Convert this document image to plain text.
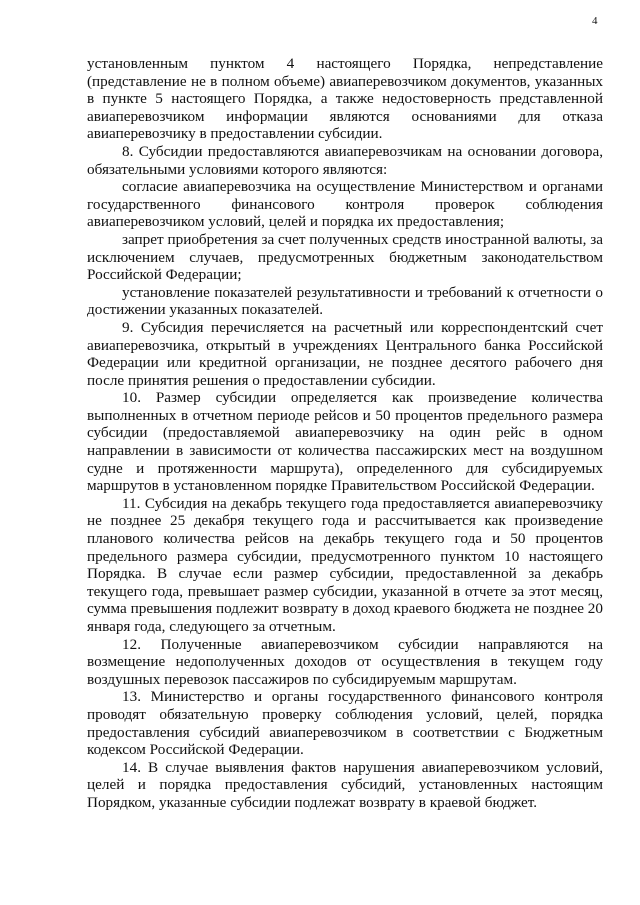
4

установленным пунктом 4 настоящего Порядка, непредставление (представление не в полном объеме) авиаперевозчиком документов, указанных в пункте 5 настоящего Порядка, а также недостоверность представленной авиаперевозчиком информации являются основаниями для отказа авиаперевозчику в предоставлении субсидии.

8. Субсидии предоставляются авиаперевозчикам на основании договора, обязательными условиями которого являются:

согласие авиаперевозчика на осуществление Министерством и органами государственного финансового контроля проверок соблюдения авиаперевозчиком условий, целей и порядка их предоставления;

запрет приобретения за счет полученных средств иностранной валюты, за исключением случаев, предусмотренных бюджетным законодательством Российской Федерации;

установление показателей результативности и требований к отчетности о достижении указанных показателей.

9. Субсидия перечисляется на расчетный или корреспондентский счет авиаперевозчика, открытый в учреждениях Центрального банка Российской Федерации или кредитной организации, не позднее десятого рабочего дня после принятия решения о предоставлении субсидии.

10. Размер субсидии определяется как произведение количества выполненных в отчетном периоде рейсов и 50 процентов предельного размера субсидии (предоставляемой авиаперевозчику на один рейс в одном направлении в зависимости от количества пассажирских мест на воздушном судне и протяженности маршрута), определенного для субсидируемых маршрутов в установленном порядке Правительством Российской Федерации.

11. Субсидия на декабрь текущего года предоставляется авиаперевозчику не позднее 25 декабря текущего года и рассчитывается как произведение планового количества рейсов на декабрь текущего года и 50 процентов предельного размера субсидии, предусмотренного пунктом 10 настоящего Порядка. В случае если размер субсидии, предоставленной за декабрь текущего года, превышает размер субсидии, указанной в отчете за этот месяц, сумма превышения подлежит возврату в доход краевого бюджета не позднее 20 января года, следующего за отчетным.

12. Полученные авиаперевозчиком субсидии направляются на возмещение недополученных доходов от осуществления в текущем году воздушных перевозок пассажиров по субсидируемым маршрутам.

13. Министерство и органы государственного финансового контроля проводят обязательную проверку соблюдения условий, целей, порядка предоставления субсидий авиаперевозчиком в соответствии с Бюджетным кодексом Российской Федерации.

14. В случае выявления фактов нарушения авиаперевозчиком условий, целей и порядка предоставления субсидий, установленных настоящим Порядком, указанные субсидии подлежат возврату в краевой бюджет.
